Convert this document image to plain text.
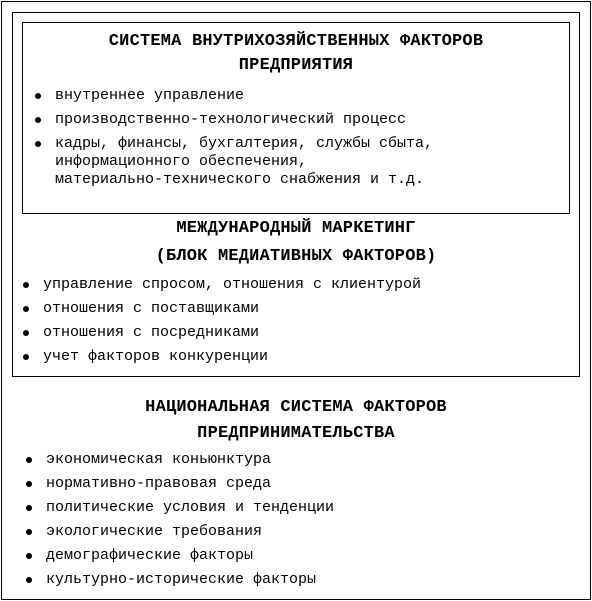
СИСТЕМА ВНУТРИХОЗЯЙСТВЕННЫХ ФАКТОРОВ
ПРЕДПРИЯТИЯ
внутреннее управление
производственно-технологический процесс
кадры, финансы, бухгалтерия, службы сбыта,
информационного обеспечения,
материально-технического снабжения и т.д.
МЕЖДУНАРОДНЫЙ МАРКЕТИНГ
(БЛОК МЕДИАТИВНЫХ ФАКТОРОВ)
управление спросом, отношения с клиентурой
отношения с поставщиками
отношения с посредниками
учет факторов конкуренции
НАЦИОНАЛЬНАЯ СИСТЕМА ФАКТОРОВ
ПРЕДПРИНИМАТЕЛЬСТВА
экономическая коньюнктура
нормативно-правовая среда
политические условия и тенденции
экологические требования
демографические факторы
культурно-исторические факторы
